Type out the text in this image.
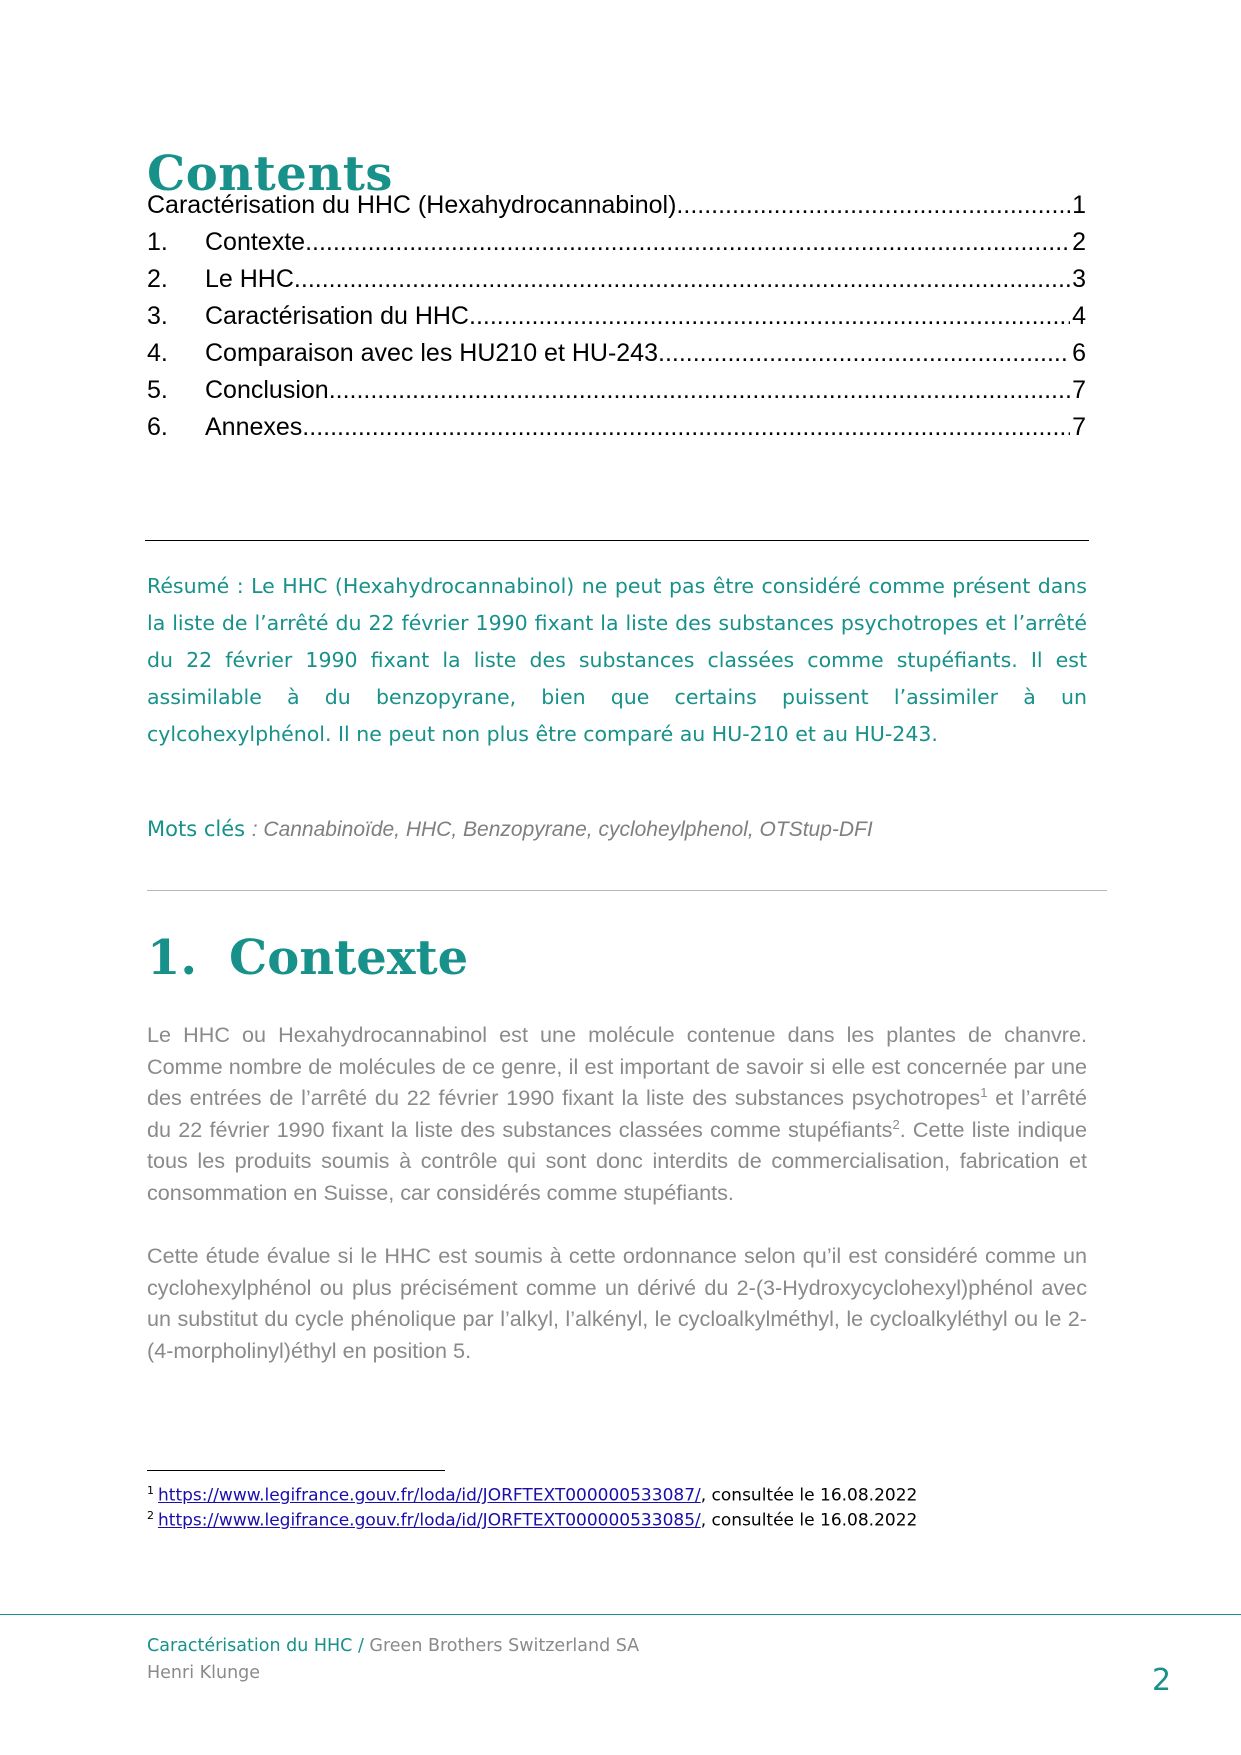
Contents
Caractérisation du HHC (Hexahydrocannabinol) .....	1
1.	Contexte .....	2
2.	Le HHC .....	3
3.	Caractérisation du HHC .....	4
4.	Comparaison avec les HU210 et HU-243 .....	6
5.	Conclusion .....	7
6.	Annexes .....	7

Résumé : Le HHC (Hexahydrocannabinol) ne peut pas être considéré comme présent dans la liste de l’arrêté du 22 février 1990 fixant la liste des substances psychotropes et l’arrêté du 22 février 1990 fixant la liste des substances classées comme stupéfiants. Il est assimilable à du benzopyrane, bien que certains puissent l’assimiler à un cylcohexylphénol. Il ne peut non plus être comparé au HU-210 et au HU-243.

Mots clés : Cannabinoïde, HHC, Benzopyrane, cycloheylphenol, OTStup-DFI
1. Contexte

Le HHC ou Hexahydrocannabinol est une molécule contenue dans les plantes de chanvre. Comme nombre de molécules de ce genre, il est important de savoir si elle est concernée par une des entrées de l’arrêté du 22 février 1990 fixant la liste des substances psychotropes$^1$ et l’arrêté du 22 février 1990 fixant la liste des substances classées comme stupéfiants$^2$. Cette liste indique tous les produits soumis à contrôle qui sont donc interdits de commercialisation, fabrication et consommation en Suisse, car considérés comme stupéfiants.

Cette étude évalue si le HHC est soumis à cette ordonnance selon qu’il est considéré comme un cyclohexylphénol ou plus précisément comme un dérivé du 2-(3-Hydroxycyclohexyl)phénol avec un substitut du cycle phénolique par l’alkyl, l’alkényl, le cycloalkylméthyl, le cycloalkyléthyl ou le 2-(4-morpholinyl)éthyl en position 5.

$^1$ https://www.legifrance.gouv.fr/loda/id/JORFTEXT000000533087/, consultée le 16.08.2022
$^2$ https://www.legifrance.gouv.fr/loda/id/JORFTEXT000000533085/, consultée le 16.08.2022
Caractérisation du HHC / Green Brothers Switzerland SA
Henri Klunge	2
